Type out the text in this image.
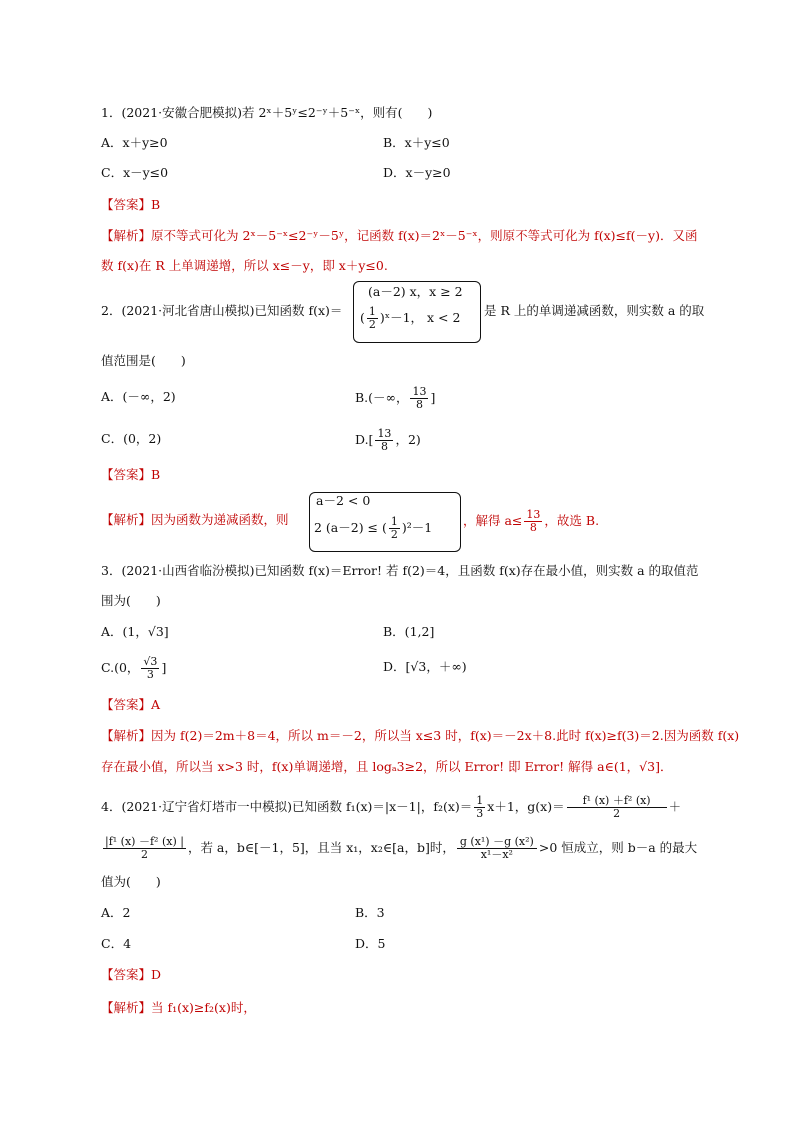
1．(2021·安徽合肥模拟)若 2ˣ＋5ʸ≤2⁻ʸ＋5⁻ˣ，则有(　　)
A．x＋y≥0	B．x＋y≤0
C．x－y≤0	D．x－y≥0
【答案】B
【解析】原不等式可化为 2ˣ－5⁻ˣ≤2⁻ʸ－5ʸ，记函数 f(x)＝2ˣ－5⁻ˣ，则原不等式可化为 f(x)≤f(－y)．又函
数 f(x)在 R 上单调递增，所以 x≤－y，即 x＋y≤0.
2．(2021·河北省唐山模拟)已知函数 f(x)＝
(a－2) x，x ≥ 2
( $\frac{1}{2}$ )ˣ－1， x < 2 是 R 上的单调递减函数，则实数 a 的取
值范围是(　　)
A．(－∞，2)	B.(－∞， $\frac{13}{8}$ ]
C．(0，2)	$D.[ \frac{13}{8}$ ，2)
【答案】B
【解析】因为函数为递减函数，则
a－2 < 0
2 (a－2) ≤ ( $\frac{1}{2} )^2-1$ ，解得 $a\le \frac{13}{8}$ ，故选 B.
3．(2021·山西省临汾模拟)已知函数 f(x)＝Error! 若 f(2)＝4，且函数 f(x)存在最小值，则实数 a 的取值范
围为(　　)
A．(1，√3]	B．(1,2]
C.(0， $\frac{√3}{3}$ ]	D．[√3，＋∞)
【答案】A
【解析】因为 f(2)＝2m＋8＝4，所以 m＝－2，所以当 x≤3 时，f(x)＝－2x＋8.此时 f(x)≥f(3)＝2.因为函数 f(x)
存在最小值，所以当 x>3 时，f(x)单调递增，且 logₐ3≥2，所以 Error! 即 Error! 解得 a∈(1，√3]．
4．(2021·辽宁省灯塔市一中模拟)已知函数 f₁(x)＝|x－1|，$f_2(x)= \frac{1}{3} x+1$，$g(x)= \frac{\text{f¹ (x) ＋f² (x)}}{2}$ ＋
$\frac{\text{|f¹ (x) －f² (x) |}}{2}$ ，若 a，b∈[－1，5]，且当 x₁，x₂∈[a，b]时， $\frac{\text{g (x¹) －g (x²)}}{\text{x¹－x²}} >0$ 恒成立，则 b－a 的最大
值为(　　)
A．2	B．3
C．4	D．5
【答案】D
【解析】当 f₁(x)≥f₂(x)时，
